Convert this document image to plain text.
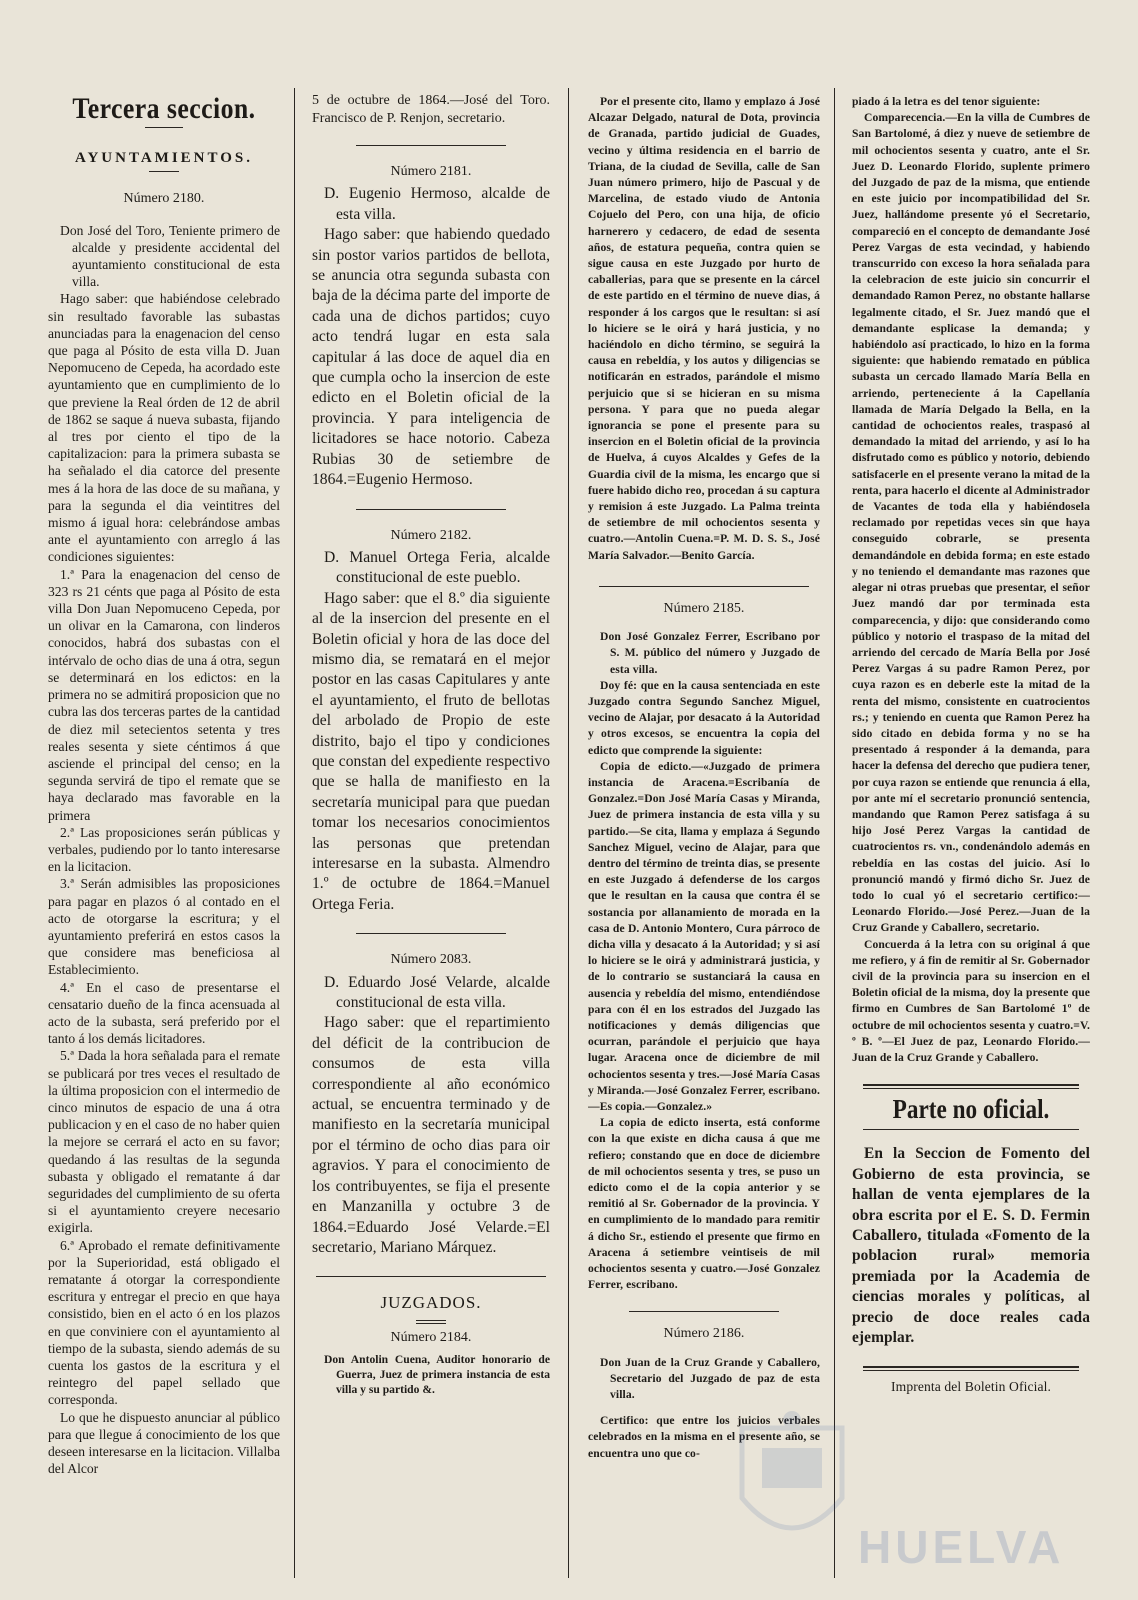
Tercera seccion.
AYUNTAMIENTOS.
Número 2180.

Don José del Toro, Teniente primero de alcalde y presidente accidental del ayuntamiento constitucional de esta villa.

Hago saber: que habiéndose celebrado sin resultado favorable las subastas anunciadas para la enagenacion del censo que paga al Pósito de esta villa D. Juan Nepomuceno de Cepeda, ha acordado este ayuntamiento que en cumplimiento de lo que previene la Real órden de 12 de abril de 1862 se saque á nueva subasta, fijando al tres por ciento el tipo de la capitalizacion: para la primera subasta se ha señalado el dia catorce del presente mes á la hora de las doce de su mañana, y para la segunda el dia veintitres del mismo á igual hora: celebrándose ambas ante el ayuntamiento con arreglo á las condiciones siguientes:

1.ª Para la enagenacion del censo de 323 rs 21 cénts que paga al Pósito de esta villa Don Juan Nepomuceno Cepeda, por un olivar en la Camarona, con linderos conocidos, habrá dos subastas con el intérvalo de ocho dias de una á otra, segun se determinará en los edictos: en la primera no se admitirá proposicion que no cubra las dos terceras partes de la cantidad de diez mil setecientos setenta y tres reales sesenta y siete céntimos á que asciende el principal del censo; en la segunda servirá de tipo el remate que se haya declarado mas favorable en la primera

2.ª Las proposiciones serán públicas y verbales, pudiendo por lo tanto interesarse en la licitacion.

3.ª Serán admisibles las proposiciones para pagar en plazos ó al contado en el acto de otorgarse la escritura; y el ayuntamiento preferirá en estos casos la que considere mas beneficiosa al Establecimiento.

4.ª En el caso de presentarse el censatario dueño de la finca acensuada al acto de la subasta, será preferido por el tanto á los demás licitadores.

5.ª Dada la hora señalada para el remate se publicará por tres veces el resultado de la última proposicion con el intermedio de cinco minutos de espacio de una á otra publicacion y en el caso de no haber quien la mejore se cerrará el acto en su favor; quedando á las resultas de la segunda subasta y obligado el rematante á dar seguridades del cumplimiento de su oferta si el ayuntamiento creyere necesario exigirla.

6.ª Aprobado el remate definitivamente por la Superioridad, está obligado el rematante á otorgar la correspondiente escritura y entregar el precio en que haya consistido, bien en el acto ó en los plazos en que conviniere con el ayuntamiento al tiempo de la subasta, siendo además de su cuenta los gastos de la escritura y el reintegro del papel sellado que corresponda.

Lo que he dispuesto anunciar al público para que llegue á conocimiento de los que deseen interesarse en la licitacion. Villalba del Alcor

5 de octubre de 1864.—José del Toro. Francisco de P. Renjon, secretario.

Número 2181.

D. Eugenio Hermoso, alcalde de esta villa.

Hago saber: que habiendo quedado sin postor varios partidos de bellota, se anuncia otra segunda subasta con baja de la décima parte del importe de cada una de dichos partidos; cuyo acto tendrá lugar en esta sala capitular á las doce de aquel dia en que cumpla ocho la insercion de este edicto en el Boletin oficial de la provincia. Y para inteligencia de licitadores se hace notorio. Cabeza Rubias 30 de setiembre de 1864.=Eugenio Hermoso.

Número 2182.

D. Manuel Ortega Feria, alcalde constitucional de este pueblo.

Hago saber: que el 8.º dia siguiente al de la insercion del presente en el Boletin oficial y hora de las doce del mismo dia, se rematará en el mejor postor en las casas Capitulares y ante el ayuntamiento, el fruto de bellotas del arbolado de Propio de este distrito, bajo el tipo y condiciones que constan del expediente respectivo que se halla de manifiesto en la secretaría municipal para que puedan tomar los necesarios conocimientos las personas que pretendan interesarse en la subasta. Almendro 1.º de octubre de 1864.=Manuel Ortega Feria.

Número 2083.

D. Eduardo José Velarde, alcalde constitucional de esta villa.

Hago saber: que el repartimiento del déficit de la contribucion de consumos de esta villa correspondiente al año económico actual, se encuentra terminado y de manifiesto en la secretaría municipal por el término de ocho dias para oir agravios. Y para el conocimiento de los contribuyentes, se fija el presente en Manzanilla y octubre 3 de 1864.=Eduardo José Velarde.=El secretario, Mariano Márquez.

JUZGADOS.
Número 2184.

Don Antolin Cuena, Auditor honorario de Guerra, Juez de primera instancia de esta villa y su partido &.

Por el presente cito, llamo y emplazo á José Alcazar Delgado, natural de Dota, provincia de Granada, partido judicial de Guades, vecino y última residencia en el barrio de Triana, de la ciudad de Sevilla, calle de San Juan número primero, hijo de Pascual y de Marcelina, de estado viudo de Antonia Cojuelo del Pero, con una hija, de oficio harnerero y cedacero, de edad de sesenta años, de estatura pequeña, contra quien se sigue causa en este Juzgado por hurto de caballerias, para que se presente en la cárcel de este partido en el término de nueve dias, á responder á los cargos que le resultan: si así lo hiciere se le oirá y hará justicia, y no haciéndolo en dicho término, se seguirá la causa en rebeldía, y los autos y diligencias se notificarán en estrados, parándole el mismo perjuicio que si se hicieran en su misma persona. Y para que no pueda alegar ignorancia se pone el presente para su insercion en el Boletin oficial de la provincia de Huelva, á cuyos Alcaldes y Gefes de la Guardia civil de la misma, les encargo que si fuere habido dicho reo, procedan á su captura y remision á este Juzgado. La Palma treinta de setiembre de mil ochocientos sesenta y cuatro.—Antolin Cuena.=P. M. D. S. S., José María Salvador.—Benito García.

Número 2185.

Don José Gonzalez Ferrer, Escribano por S. M. público del número y Juzgado de esta villa.

Doy fé: que en la causa sentenciada en este Juzgado contra Segundo Sanchez Miguel, vecino de Alajar, por desacato á la Autoridad y otros excesos, se encuentra la copia del edicto que comprende la siguiente:

Copia de edicto.—«Juzgado de primera instancia de Aracena.=Escribanía de Gonzalez.=Don José María Casas y Miranda, Juez de primera instancia de esta villa y su partido.—Se cita, llama y emplaza á Segundo Sanchez Miguel, vecino de Alajar, para que dentro del término de treinta dias, se presente en este Juzgado á defenderse de los cargos que le resultan en la causa que contra él se sostancia por allanamiento de morada en la casa de D. Antonio Montero, Cura párroco de dicha villa y desacato á la Autoridad; y si así lo hiciere se le oirá y administrará justicia, y de lo contrario se sustanciará la causa en ausencia y rebeldía del mismo, entendiéndose para con él en los estrados del Juzgado las notificaciones y demás diligencias que ocurran, parándole el perjuicio que haya lugar. Aracena once de diciembre de mil ochocientos sesenta y tres.—José María Casas y Miranda.—José Gonzalez Ferrer, escribano.—Es copia.—Gonzalez.»

La copia de edicto inserta, está conforme con la que existe en dicha causa á que me refiero; constando que en doce de diciembre de mil ochocientos sesenta y tres, se puso un edicto como el de la copia anterior y se remitió al Sr. Gobernador de la provincia. Y en cumplimiento de lo mandado para remitir á dicho Sr., estiendo el presente que firmo en Aracena á setiembre veintiseis de mil ochocientos sesenta y cuatro.—José Gonzalez Ferrer, escribano.

Número 2186.

Don Juan de la Cruz Grande y Caballero, Secretario del Juzgado de paz de esta villa.

Certifico: que entre los juicios verbales celebrados en la misma en el presente año, se encuentra uno que co-

piado á la letra es del tenor siguiente:

Comparecencia.—En la villa de Cumbres de San Bartolomé, á diez y nueve de setiembre de mil ochocientos sesenta y cuatro, ante el Sr. Juez D. Leonardo Florido, suplente primero del Juzgado de paz de la misma, que entiende en este juicio por incompatibilidad del Sr. Juez, hallándome presente yó el Secretario, compareció en el concepto de demandante José Perez Vargas de esta vecindad, y habiendo transcurrido con exceso la hora señalada para la celebracion de este juicio sin concurrir el demandado Ramon Perez, no obstante hallarse legalmente citado, el Sr. Juez mandó que el demandante esplicase la demanda; y habiéndolo así practicado, lo hizo en la forma siguiente: que habiendo rematado en pública subasta un cercado llamado María Bella en arriendo, perteneciente á la Capellanía llamada de María Delgado la Bella, en la cantidad de ochocientos reales, traspasó al demandado la mitad del arriendo, y así lo ha disfrutado como es público y notorio, debiendo satisfacerle en el presente verano la mitad de la renta, para hacerlo el dicente al Administrador de Vacantes de toda ella y habiéndosela reclamado por repetidas veces sin que haya conseguido cobrarle, se presenta demandándole en debida forma; en este estado y no teniendo el demandante mas razones que alegar ni otras pruebas que presentar, el señor Juez mandó dar por terminada esta comparecencia, y dijo: que considerando como público y notorio el traspaso de la mitad del arriendo del cercado de María Bella por José Perez Vargas á su padre Ramon Perez, por cuya razon es en deberle este la mitad de la renta del mismo, consistente en cuatrocientos rs.; y teniendo en cuenta que Ramon Perez ha sido citado en debida forma y no se ha presentado á responder á la demanda, para hacer la defensa del derecho que pudiera tener, por cuya razon se entiende que renuncia á ella, por ante mí el secretario pronunció sentencia, mandando que Ramon Perez satisfaga á su hijo José Perez Vargas la cantidad de cuatrocientos rs. vn., condenándolo además en rebeldía en las costas del juicio. Así lo pronunció mandó y firmó dicho Sr. Juez de todo lo cual yó el secretario certifico:—Leonardo Florido.—José Perez.—Juan de la Cruz Grande y Caballero, secretario.

Concuerda á la letra con su original á que me refiero, y á fin de remitir al Sr. Gobernador civil de la provincia para su insercion en el Boletin oficial de la misma, doy la presente que firmo en Cumbres de San Bartolomé 1º de octubre de mil ochocientos sesenta y cuatro.=V. º B. º—El Juez de paz, Leonardo Florido.—Juan de la Cruz Grande y Caballero.

Parte no oficial.

En la Seccion de Fomento del Gobierno de esta provincia, se hallan de venta ejemplares de la obra escrita por el E. S. D. Fermin Caballero, titulada «Fomento de la poblacion rural» memoria premiada por la Academia de ciencias morales y políticas, al precio de doce reales cada ejemplar.

Imprenta del Boletin Oficial.

HUELVA
